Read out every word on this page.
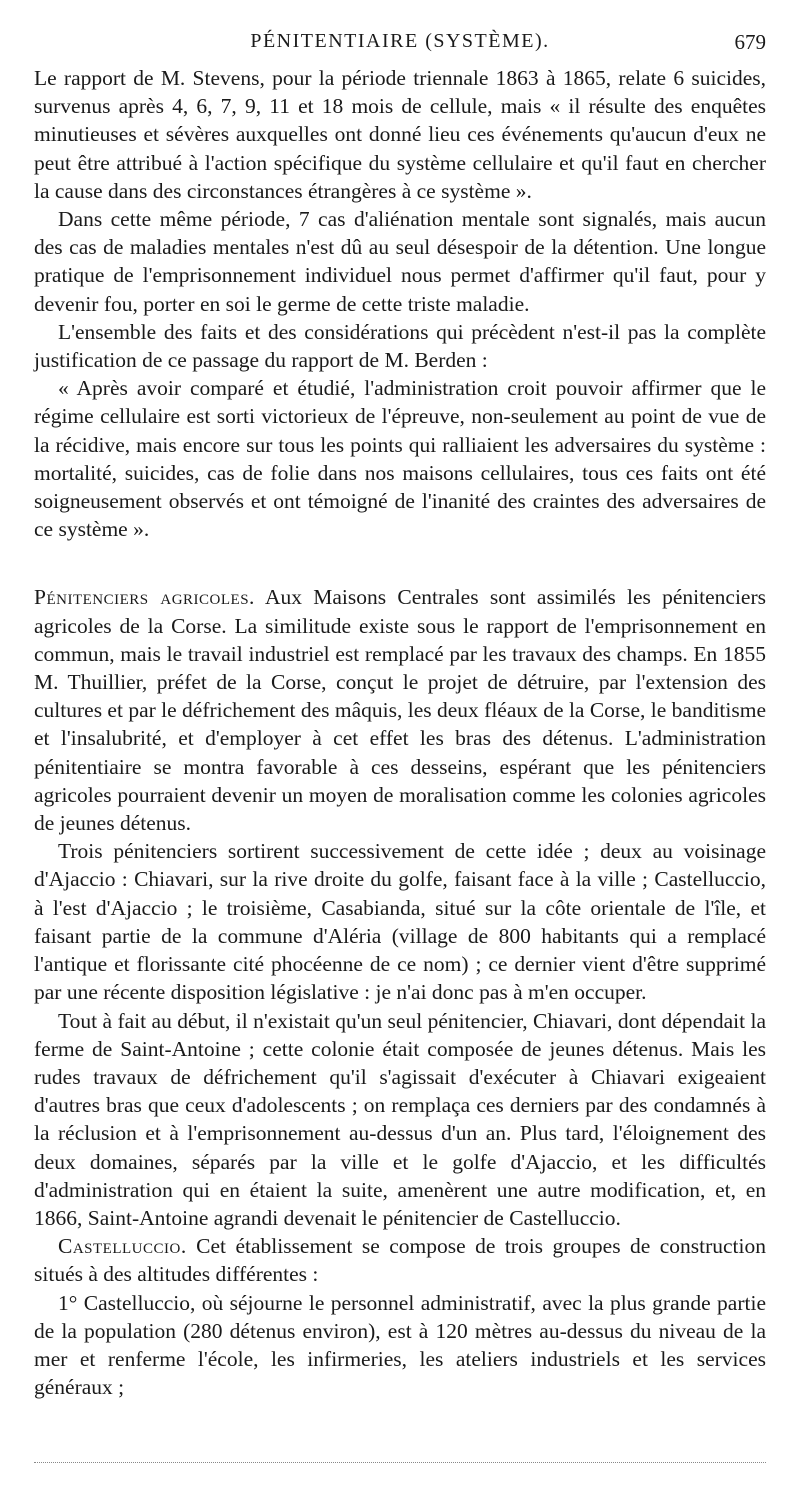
PÉNITENTIAIRE (SYSTÈME).	679

Le rapport de M. Stevens, pour la période triennale 1863 à 1865, relate 6 suicides, survenus après 4, 6, 7, 9, 11 et 18 mois de cellule, mais « il résulte des enquêtes minutieuses et sévères auxquelles ont donné lieu ces événements qu'aucun d'eux ne peut être attribué à l'action spécifique du système cellulaire et qu'il faut en chercher la cause dans des circonstances étrangères à ce système ».

Dans cette même période, 7 cas d'aliénation mentale sont signalés, mais aucun des cas de maladies mentales n'est dû au seul désespoir de la détention. Une longue pratique de l'emprisonnement individuel nous permet d'affirmer qu'il faut, pour y devenir fou, porter en soi le germe de cette triste maladie.

L'ensemble des faits et des considérations qui précèdent n'est-il pas la complète justification de ce passage du rapport de M. Berden :

« Après avoir comparé et étudié, l'administration croit pouvoir affirmer que le régime cellulaire est sorti victorieux de l'épreuve, non-seulement au point de vue de la récidive, mais encore sur tous les points qui ralliaient les adversaires du système : mortalité, suicides, cas de folie dans nos maisons cellulaires, tous ces faits ont été soigneusement observés et ont témoigné de l'inanité des craintes des adversaires de ce système ».

Pénitenciers agricoles. Aux Maisons Centrales sont assimilés les pénitenciers agricoles de la Corse. La similitude existe sous le rapport de l'emprisonnement en commun, mais le travail industriel est remplacé par les travaux des champs. En 1855 M. Thuillier, préfet de la Corse, conçut le projet de détruire, par l'extension des cultures et par le défrichement des mâquis, les deux fléaux de la Corse, le banditisme et l'insalubrité, et d'employer à cet effet les bras des détenus. L'administration pénitentiaire se montra favorable à ces desseins, espérant que les pénitenciers agricoles pourraient devenir un moyen de moralisation comme les colonies agricoles de jeunes détenus.

Trois pénitenciers sortirent successivement de cette idée ; deux au voisinage d'Ajaccio : Chiavari, sur la rive droite du golfe, faisant face à la ville ; Castelluccio, à l'est d'Ajaccio ; le troisième, Casabianda, situé sur la côte orientale de l'île, et faisant partie de la commune d'Aléria (village de 800 habitants qui a remplacé l'antique et florissante cité phocéenne de ce nom) ; ce dernier vient d'être supprimé par une récente disposition législative : je n'ai donc pas à m'en occuper.

Tout à fait au début, il n'existait qu'un seul pénitencier, Chiavari, dont dépendait la ferme de Saint-Antoine ; cette colonie était composée de jeunes détenus. Mais les rudes travaux de défrichement qu'il s'agissait d'exécuter à Chiavari exigeaient d'autres bras que ceux d'adolescents ; on remplaça ces derniers par des condamnés à la réclusion et à l'emprisonnement au-dessus d'un an. Plus tard, l'éloignement des deux domaines, séparés par la ville et le golfe d'Ajaccio, et les difficultés d'administration qui en étaient la suite, amenèrent une autre modification, et, en 1866, Saint-Antoine agrandi devenait le pénitencier de Castelluccio.

Castelluccio. Cet établissement se compose de trois groupes de construction situés à des altitudes différentes :

1° Castelluccio, où séjourne le personnel administratif, avec la plus grande partie de la population (280 détenus environ), est à 120 mètres au-dessus du niveau de la mer et renferme l'école, les infirmeries, les ateliers industriels et les services généraux ;
